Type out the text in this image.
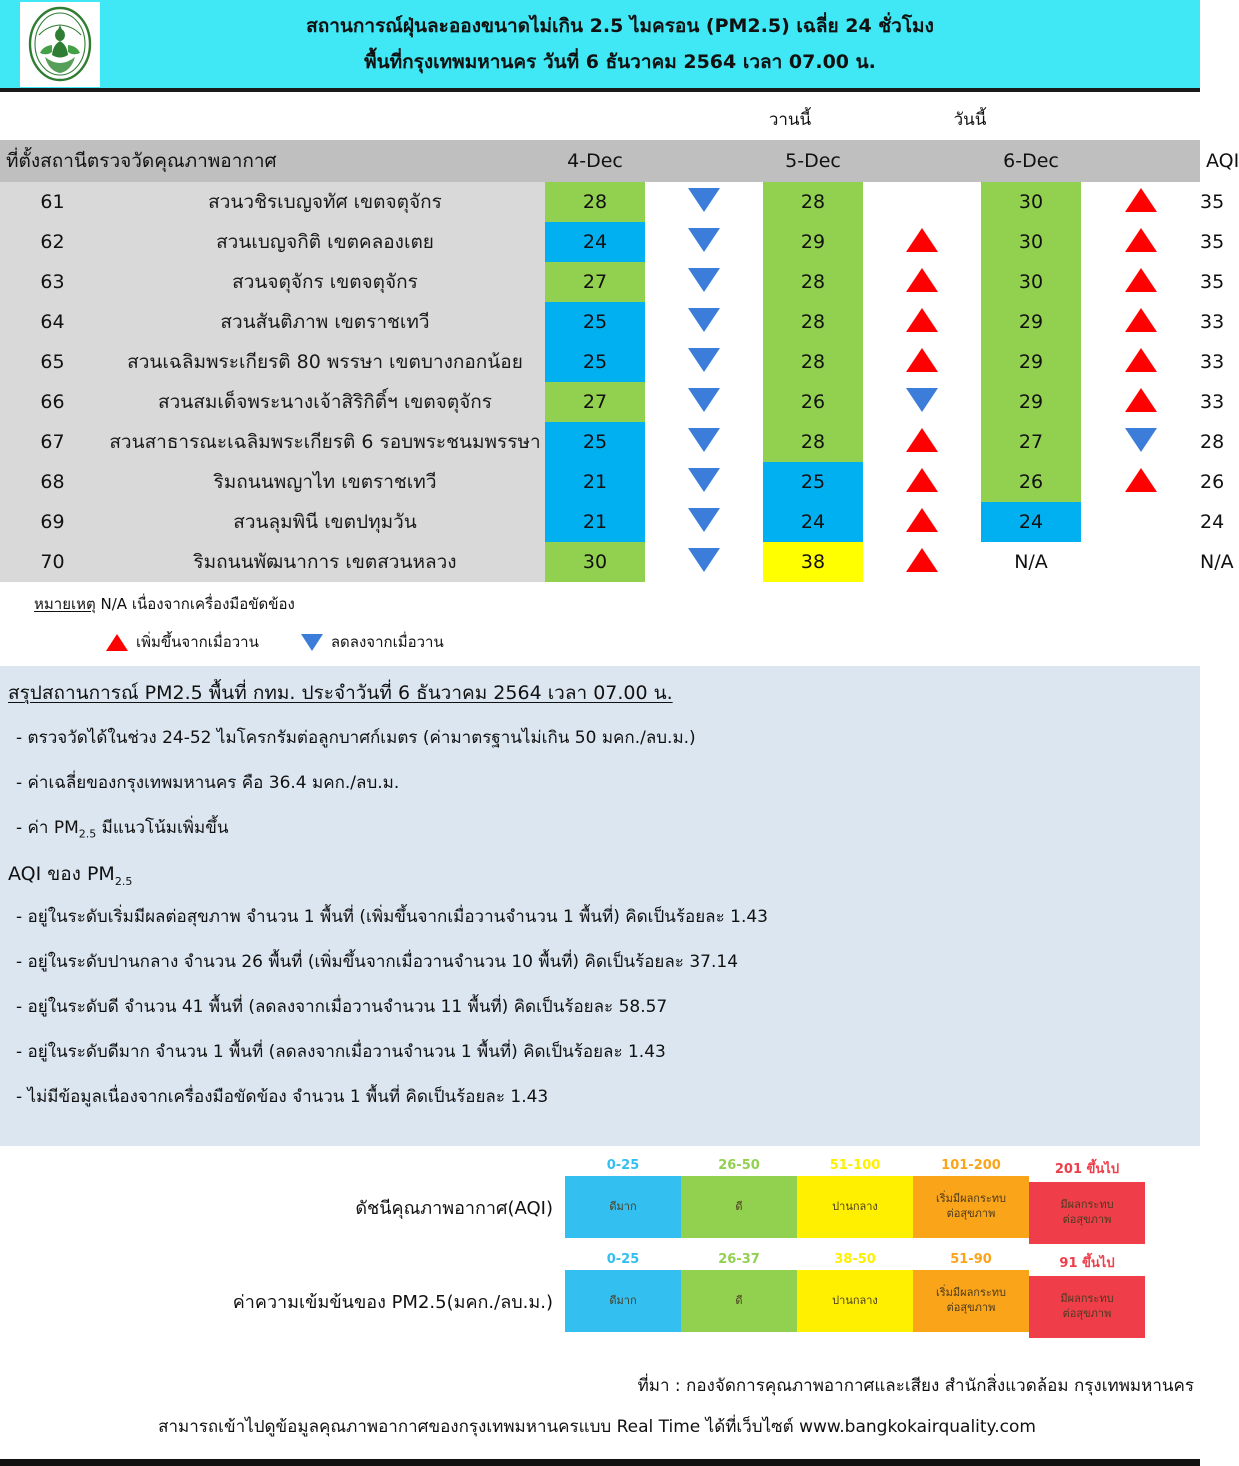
สถานการณ์ฝุ่นละอองขนาดไม่เกิน 2.5 ไมครอน (PM2.5) เฉลี่ย 24 ชั่วโมง
พื้นที่กรุงเทพมหานคร วันที่ 6 ธันวาคม 2564 เวลา 07.00 น.
วานนี้	วันนี้
ที่ตั้งสถานีตรวจวัดคุณภาพอากาศ		4-Dec		5-Dec		6-Dec		AQI
61	สวนวชิรเบญจทัศ เขตจตุจักร	28		28		30		35
62	สวนเบญจกิติ เขตคลองเตย	24		29		30		35
63	สวนจตุจักร เขตจตุจักร	27		28		30		35
64	สวนสันติภาพ เขตราชเทวี	25		28		29		33
65	สวนเฉลิมพระเกียรติ 80 พรรษา เขตบางกอกน้อย	25		28		29		33
66	สวนสมเด็จพระนางเจ้าสิริกิติ์ฯ เขตจตุจักร	27		26		29		33
67	สวนสาธารณะเฉลิมพระเกียรติ 6 รอบพระชนมพรรษา	25		28		27		28
68	ริมถนนพญาไท เขตราชเทวี	21		25		26		26
69	สวนลุมพินี เขตปทุมวัน	21		24		24		24
70	ริมถนนพัฒนาการ เขตสวนหลวง	30		38		N/A		N/A
หมายเหตุ N/A เนื่องจากเครื่องมือขัดข้อง
เพิ่มขึ้นจากเมื่อวาน	ลดลงจากเมื่อวาน
สรุปสถานการณ์ PM2.5 พื้นที่ กทม. ประจำวันที่ 6 ธันวาคม 2564 เวลา 07.00 น.
- ตรวจวัดได้ในช่วง 24-52 ไมโครกรัมต่อลูกบาศก์เมตร (ค่ามาตรฐานไม่เกิน 50 มคก./ลบ.ม.)
- ค่าเฉลี่ยของกรุงเทพมหานคร คือ 36.4 มคก./ลบ.ม.
- ค่า $PM_{2.5}$ มีแนวโน้มเพิ่มขึ้น
AQI ของ $PM_{2.5}$
- อยู่ในระดับเริ่มมีผลต่อสุขภาพ จำนวน 1 พื้นที่ (เพิ่มขึ้นจากเมื่อวานจำนวน 1 พื้นที่) คิดเป็นร้อยละ 1.43
- อยู่ในระดับปานกลาง จำนวน 26 พื้นที่ (เพิ่มขึ้นจากเมื่อวานจำนวน 10 พื้นที่) คิดเป็นร้อยละ 37.14
- อยู่ในระดับดี จำนวน 41 พื้นที่ (ลดลงจากเมื่อวานจำนวน 11 พื้นที่) คิดเป็นร้อยละ 58.57
- อยู่ในระดับดีมาก จำนวน 1 พื้นที่ (ลดลงจากเมื่อวานจำนวน 1 พื้นที่) คิดเป็นร้อยละ 1.43
- ไม่มีข้อมูลเนื่องจากเครื่องมือขัดข้อง จำนวน 1 พื้นที่ คิดเป็นร้อยละ 1.43
ดัชนีคุณภาพอากาศ(AQI)
0-25
ดีมาก
26-50
ดี
51-100
ปานกลาง
101-200
เริ่มมีผลกระทบ
ต่อสุขภาพ
201 ขึ้นไป
มีผลกระทบ
ต่อสุขภาพ
ค่าความเข้มข้นของ PM2.5(มคก./ลบ.ม.)
0-25
ดีมาก
26-37
ดี
38-50
ปานกลาง
51-90
เริ่มมีผลกระทบ
ต่อสุขภาพ
91 ขึ้นไป
มีผลกระทบ
ต่อสุขภาพ
ที่มา : กองจัดการคุณภาพอากาศและเสียง สำนักสิ่งแวดล้อม กรุงเทพมหานคร
สามารถเข้าไปดูข้อมูลคุณภาพอากาศของกรุงเทพมหานครแบบ Real Time ได้ที่เว็บไซต์ www.bangkokairquality.com
